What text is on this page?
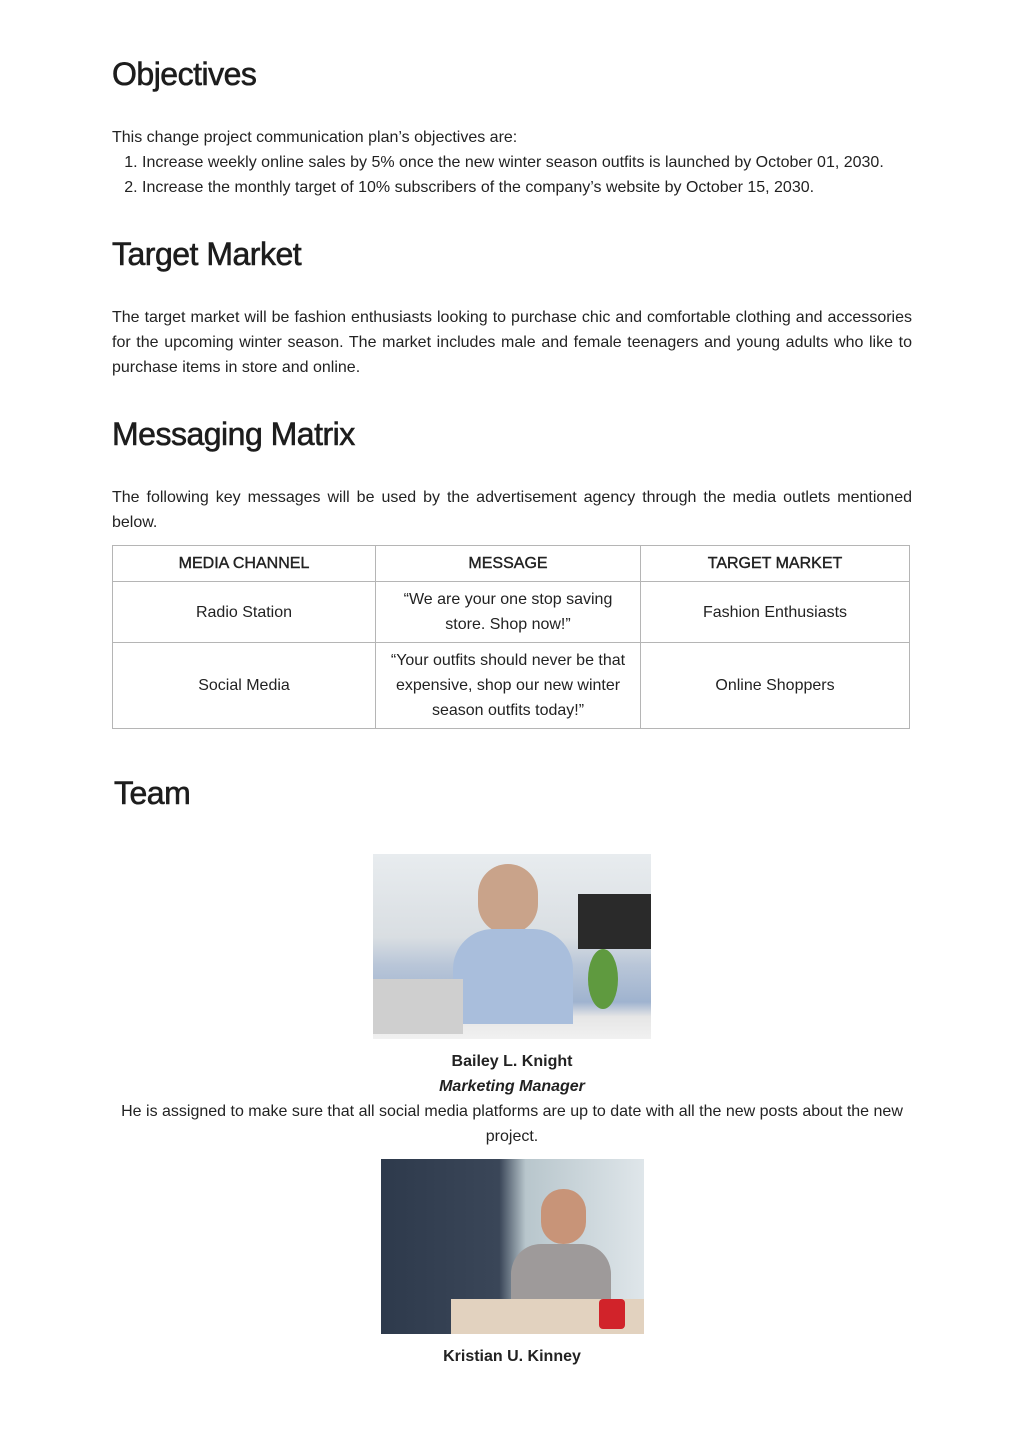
Objectives

This change project communication plan’s objectives are:

1. Increase weekly online sales by 5% once the new winter season outfits is launched by October 01, 2030.
2. Increase the monthly target of 10% subscribers of the company’s website by October 15, 2030.
Target Market

The target market will be fashion enthusiasts looking to purchase chic and comfortable clothing and accessories for the upcoming winter season. The market includes male and female teenagers and young adults who like to purchase items in store and online.

Messaging Matrix

The following key messages will be used by the advertisement agency through the media outlets mentioned below.

MEDIA CHANNEL	MESSAGE	TARGET MARKET
Radio Station	“We are your one stop saving store. Shop now!”	Fashion Enthusiasts
Social Media	“Your outfits should never be that expensive, shop our new winter season outfits today!”	Online Shoppers
Team

Bailey L. Knight

Marketing Manager

He is assigned to make sure that all social media platforms are up to date with all the new posts about the new project.

Kristian U. Kinney
